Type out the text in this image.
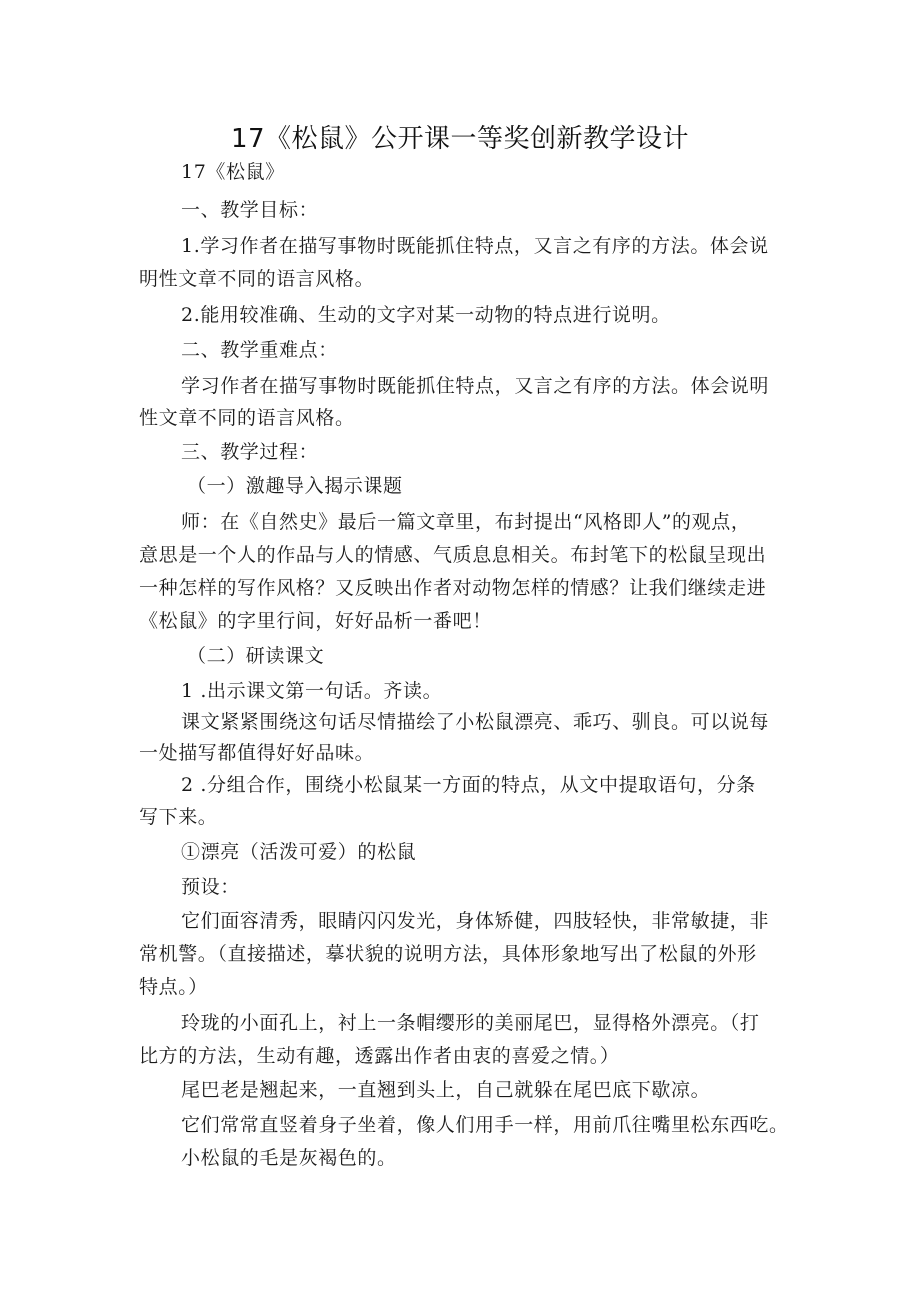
17《松鼠》公开课一等奖创新教学设计
17《松鼠》
一、教学目标：
1.学习作者在描写事物时既能抓住特点，又言之有序的方法。体会说
明性文章不同的语言风格。
2.能用较准确、生动的文字对某一动物的特点进行说明。
二、教学重难点：
学习作者在描写事物时既能抓住特点，又言之有序的方法。体会说明
性文章不同的语言风格。
三、教学过程：
（一）激趣导入揭示课题
师：在《自然史》最后一篇文章里，布封提出“风格即人”的观点，
意思是一个人的作品与人的情感、气质息息相关。布封笔下的松鼠呈现出
一种怎样的写作风格？又反映出作者对动物怎样的情感？让我们继续走进
《松鼠》的字里行间，好好品析一番吧！
（二）研读课文
1 .出示课文第一句话。齐读。
课文紧紧围绕这句话尽情描绘了小松鼠漂亮、乖巧、驯良。可以说每
一处描写都值得好好品味。
2 .分组合作，围绕小松鼠某一方面的特点，从文中提取语句，分条
写下来。
①漂亮（活泼可爱）的松鼠
预设：
它们面容清秀，眼睛闪闪发光，身体矫健，四肢轻快，非常敏捷，非
常机警。（直接描述，摹状貌的说明方法，具体形象地写出了松鼠的外形
特点。）
玲珑的小面孔上，衬上一条帽缨形的美丽尾巴，显得格外漂亮。（打
比方的方法，生动有趣，透露出作者由衷的喜爱之情。）
尾巴老是翘起来，一直翘到头上，自己就躲在尾巴底下歇凉。
它们常常直竖着身子坐着，像人们用手一样，用前爪往嘴里松东西吃。
小松鼠的毛是灰褐色的。
